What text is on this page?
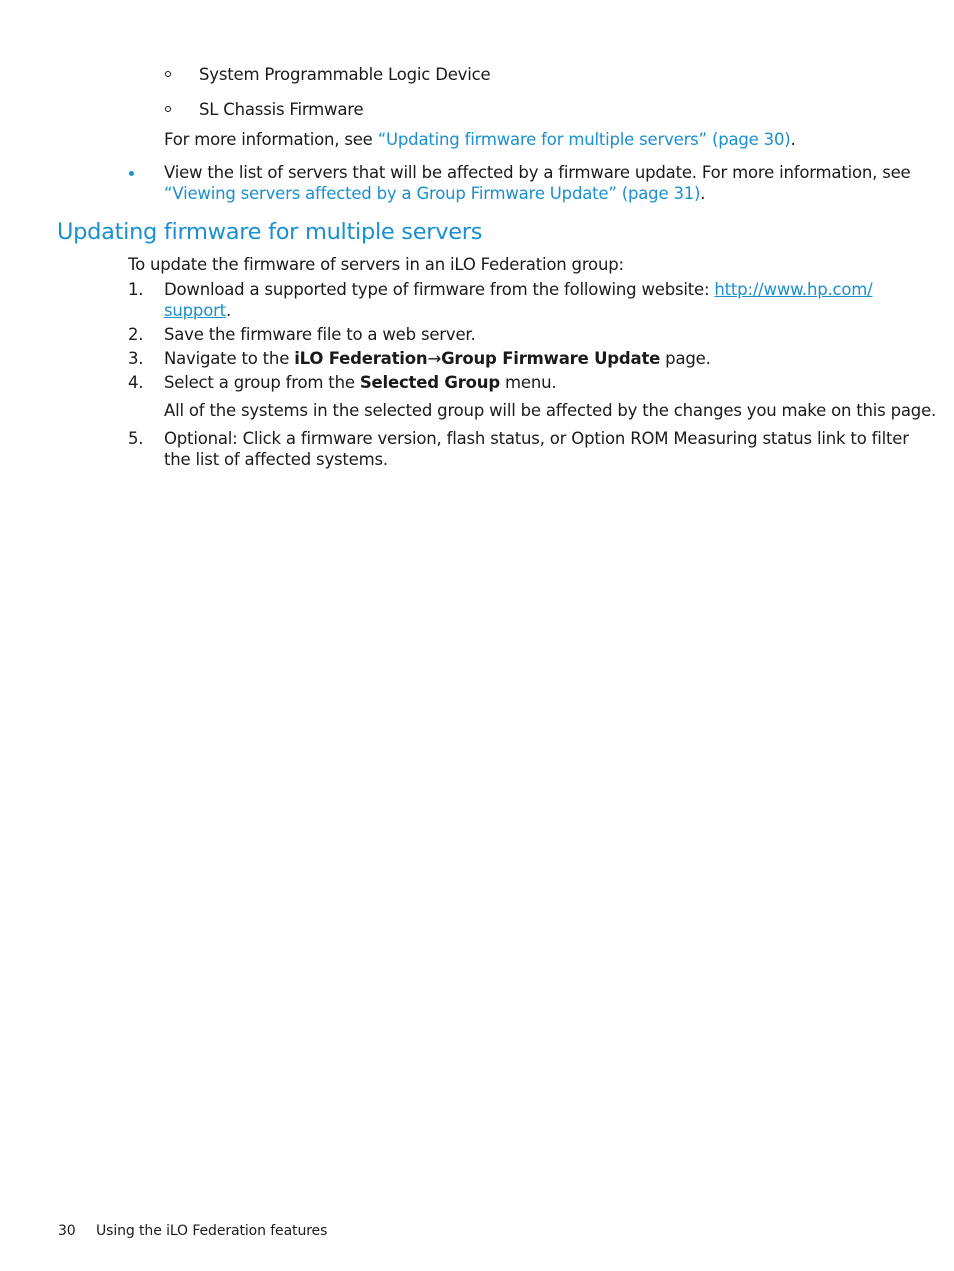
System Programmable Logic Device
SL Chassis Firmware
For more information, see “Updating firmware for multiple servers” (page 30).
View the list of servers that will be affected by a firmware update. For more information, see
“Viewing servers affected by a Group Firmware Update” (page 31).
Updating firmware for multiple servers
To update the firmware of servers in an iLO Federation group:
1. Download a supported type of firmware from the following website: http://www.hp.com/
support.
2. Save the firmware file to a web server.
3. Navigate to the iLO Federation→Group Firmware Update page.
4. Select a group from the Selected Group menu.
All of the systems in the selected group will be affected by the changes you make on this page.
5. Optional: Click a firmware version, flash status, or Option ROM Measuring status link to filter
the list of affected systems.
30 Using the iLO Federation features
